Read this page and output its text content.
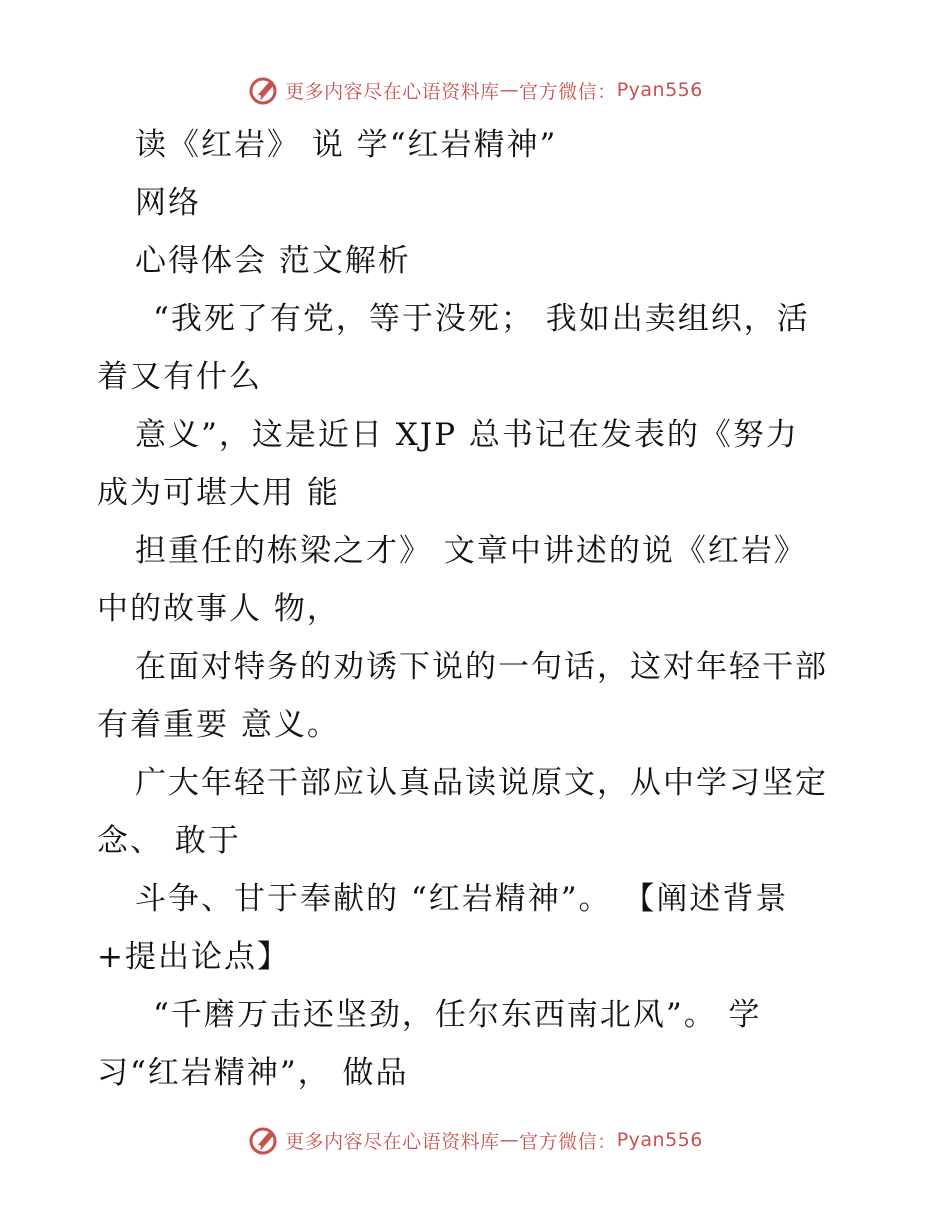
更多内容尽在心语资料库 — 官方微信： Pyan556
读《红岩》 说 学“红岩精神”
网络
心得体会 范文解析
“我死了有党，等于没死； 我如出卖组织，活
着又有什么
意义”，这是近日 XJP 总书记在发表的《努力
成为可堪大用 能
担重任的栋梁之才》 文章中讲述的说《红岩》
中的故事人 物，
在面对特务的劝诱下说的一句话，这对年轻干部
有着重要 意义。
广大年轻干部应认真品读说原文，从中学习坚定
念、 敢于
斗争、甘于奉献的 “红岩精神”。 【阐述背景
+提出论点】
“千磨万击还坚劲，任尔东西南北风”。 学
习“红岩精神”， 做品
更多内容尽在心语资料库 — 官方微信： Pyan556
